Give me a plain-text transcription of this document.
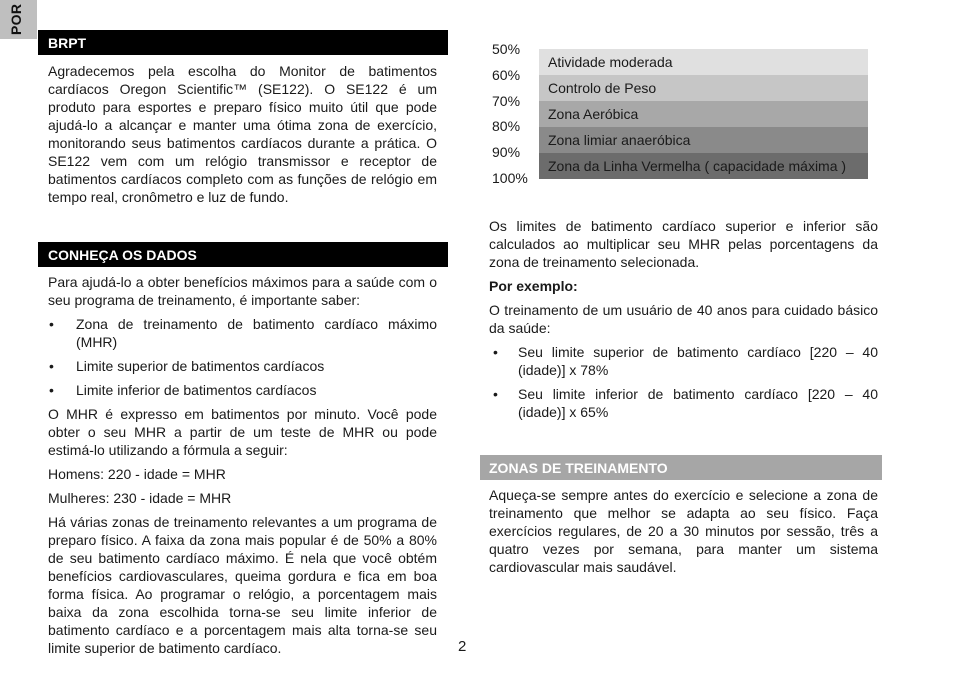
POR
BRPT

Agradecemos pela escolha do Monitor de batimentos cardíacos Oregon Scientific™ (SE122). O SE122 é um produto para esportes e preparo físico muito útil que pode ajudá-lo a alcançar e manter uma ótima zona de exercício, monitorando seus batimentos cardíacos durante a prática. O SE122 vem com um relógio transmissor e receptor de batimentos cardíacos completo com as funções de relógio em tempo real, cronômetro e luz de fundo.

CONHEÇA OS DADOS

Para ajudá-lo a obter benefícios máximos para a saúde com o seu programa de treinamento, é importante saber:

• Zona de treinamento de batimento cardíaco máximo (MHR)
• Limite superior de batimentos cardíacos
• Limite inferior de batimentos cardíacos

O MHR é expresso em batimentos por minuto. Você pode obter o seu MHR a partir de um teste de MHR ou pode estimá-lo utilizando a fórmula a seguir:

Homens: 220 - idade = MHR

Mulheres: 230 - idade = MHR

Há várias zonas de treinamento relevantes a um programa de preparo físico. A faixa da zona mais popular é de 50% a 80% de seu batimento cardíaco máximo. É nela que você obtém benefícios cardiovasculares, queima gordura e fica em boa forma física. Ao programar o relógio, a porcentagem mais baixa da zona escolhida torna-se seu limite inferior de batimento cardíaco e a porcentagem mais alta torna-se seu limite superior de batimento cardíaco.

50%
60%
70%
80%
90%
100%
Atividade moderada
Controlo de Peso
Zona Aeróbica
Zona limiar anaeróbica
Zona da Linha Vermelha ( capacidade máxima )

Os limites de batimento cardíaco superior e inferior são calculados ao multiplicar seu MHR pelas porcentagens da zona de treinamento selecionada.

Por exemplo:

O treinamento de um usuário de 40 anos para cuidado básico da saúde:

• Seu limite superior de batimento cardíaco [220 – 40 (idade)] x 78%
• Seu limite inferior de batimento cardíaco [220 – 40 (idade)] x 65%
ZONAS DE TREINAMENTO

Aqueça-se sempre antes do exercício e selecione a zona de treinamento que melhor se adapta ao seu físico. Faça exercícios regulares, de 20 a 30 minutos por sessão, três a quatro vezes por semana, para manter um sistema cardiovascular mais saudável.

2
